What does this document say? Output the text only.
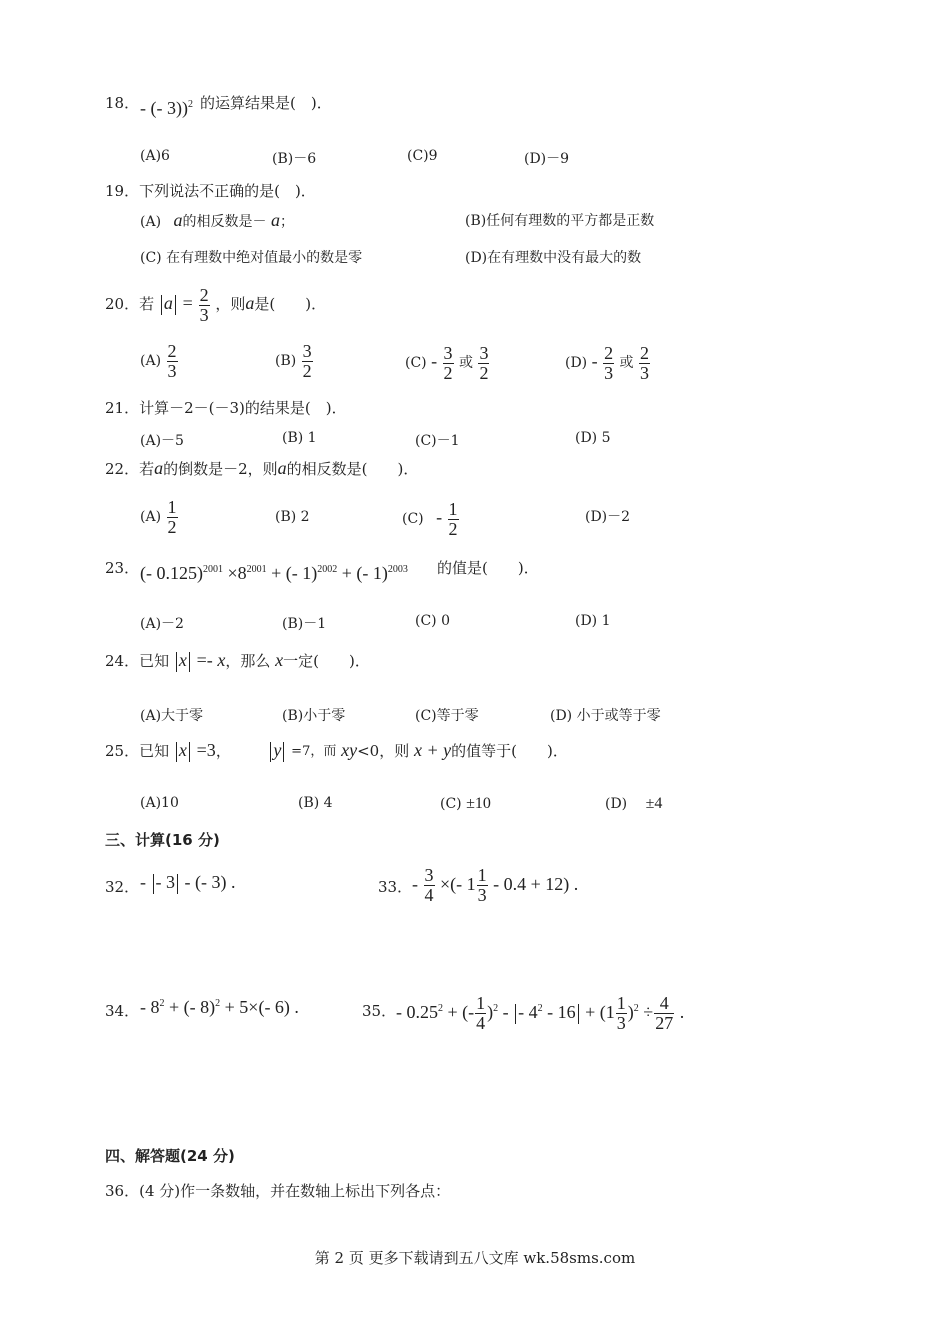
18． - (- 3))$^2$ 的运算结果是(　)．
(A)6	(B)－6	(C)9	(D)－9
19．下列说法不正确的是(　)．
(A) a的相反数是－ a；	(B)任何有理数的平方都是正数
(C) 在有理数中绝对值最小的数是零	(D)在有理数中没有最大的数
20．若 $a = \frac{2}{3}$ ，则a是(　　)．
$(A) \frac{2}{3}$	$(B) \frac{3}{2}$	$(C) - \frac{3}{2}$ 或 $\frac{3}{2}$	$(D) - \frac{2}{3}$ 或 $\frac{2}{3}$
21．计算－2－(－3)的结果是(　)．
(A)－5	(B) 1	(C)－1	(D) 5
22．若a的倒数是－2，则a的相反数是(　　)．
$(A) \frac{1}{2}$	(B) 2	$(C) - \frac{1}{2}$	(D)－2
23． (- $0.125)^{2001} \times 8^{2001}$ + (- 1)$^{2002}$ + (- 1)$^{2003}$ 的值是(　　)．
(A)－2	(B)－1	(C) 0	(D) 1
24．已知 x =- x，那么 x一定(　　)．
(A)大于零	(B)小于零	(C)等于零	(D) 小于或等于零
25．已知 x =3， y =7，而 xy<0，则 x + y的值等于(　　)．
(A)10	(B) 4	(C) ±10	(D) ±4
三、计算(16 分)
32． - - 3 - (- 3) .	33． - $\frac{3}{4}$ ×(- $1 \frac{1}{3} - 0.4 + 12$) .
34． - $8^2$ + (- 8)$^2$ + 5×(- 6) .	35． - $0.25^2$ + (- $\frac{1}{4} )^2$ - - $4^2 - 16 + (1 \frac{1}{3} )^2 \div \frac{4}{27}$ .
四、解答题(24 分)
36．(4 分)作一条数轴，并在数轴上标出下列各点：
第 2 页 更多下载请到五八文库 wk.58sms.com
